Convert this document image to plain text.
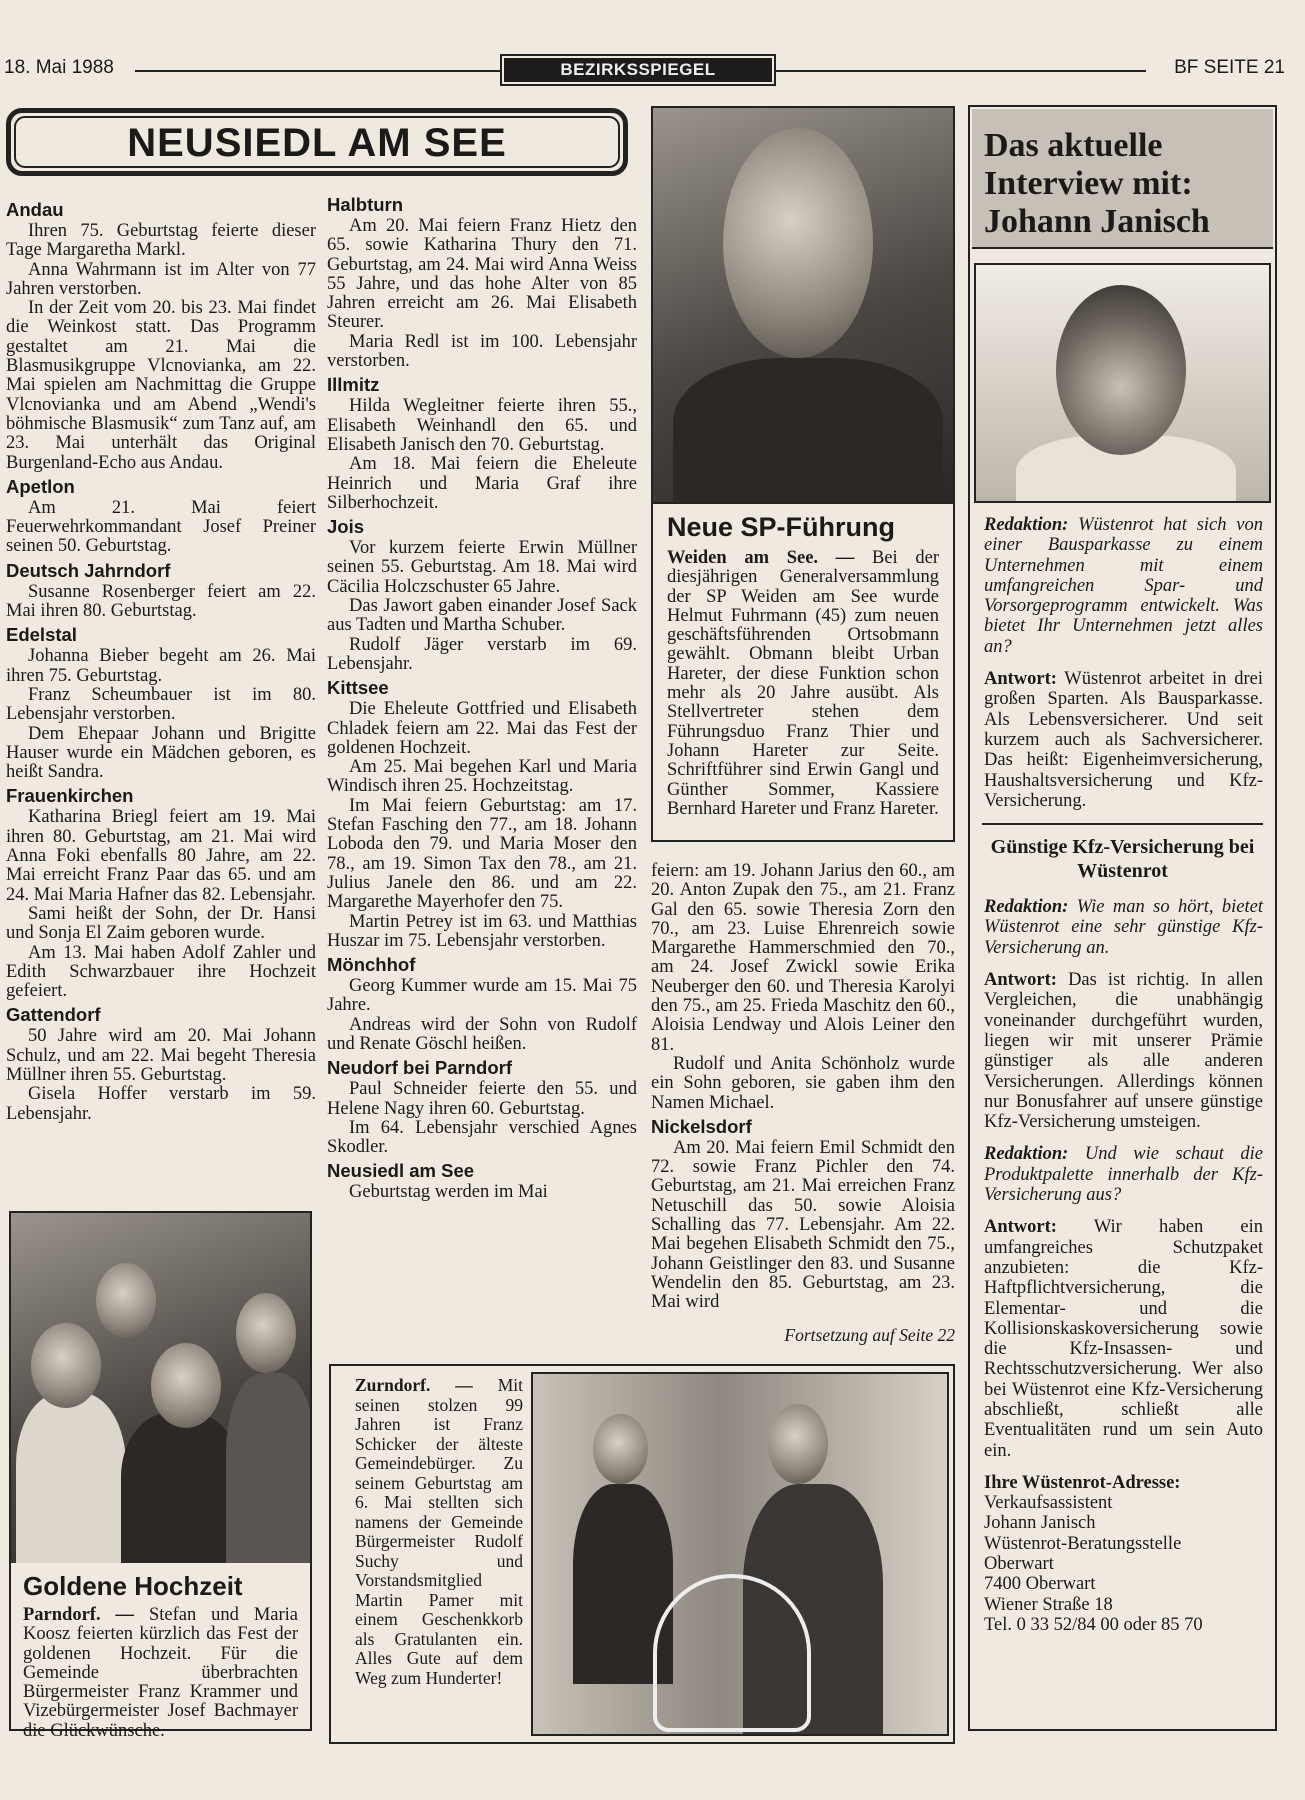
18. Mai 1988	BEZIRKSSPIEGEL	BF SEITE 21
NEUSIEDL AM SEE
Andau

Ihren 75. Geburtstag feierte dieser Tage Margaretha Markl.

Anna Wahrmann ist im Alter von 77 Jahren verstorben.

In der Zeit vom 20. bis 23. Mai findet die Weinkost statt. Das Programm gestaltet am 21. Mai die Blasmusikgruppe Vlcnovianka, am 22. Mai spielen am Nachmittag die Gruppe Vlcnovianka und am Abend „Wendi's böhmische Blasmusik“ zum Tanz auf, am 23. Mai unterhält das Original Burgenland-Echo aus Andau.

Apetlon

Am 21. Mai feiert Feuerwehrkommandant Josef Preiner seinen 50. Geburtstag.

Deutsch Jahrndorf

Susanne Rosenberger feiert am 22. Mai ihren 80. Geburtstag.

Edelstal

Johanna Bieber begeht am 26. Mai ihren 75. Geburtstag.

Franz Scheumbauer ist im 80. Lebensjahr verstorben.

Dem Ehepaar Johann und Brigitte Hauser wurde ein Mädchen geboren, es heißt Sandra.

Frauenkirchen

Katharina Briegl feiert am 19. Mai ihren 80. Geburtstag, am 21. Mai wird Anna Foki ebenfalls 80 Jahre, am 22. Mai erreicht Franz Paar das 65. und am 24. Mai Maria Hafner das 82. Lebensjahr.

Sami heißt der Sohn, der Dr. Hansi und Sonja El Zaim geboren wurde.

Am 13. Mai haben Adolf Zahler und Edith Schwarzbauer ihre Hochzeit gefeiert.

Gattendorf

50 Jahre wird am 20. Mai Johann Schulz, und am 22. Mai begeht Theresia Müllner ihren 55. Geburtstag.

Gisela Hoffer verstarb im 59. Lebensjahr.

Halbturn

Am 20. Mai feiern Franz Hietz den 65. sowie Katharina Thury den 71. Geburtstag, am 24. Mai wird Anna Weiss 55 Jahre, und das hohe Alter von 85 Jahren erreicht am 26. Mai Elisabeth Steurer.

Maria Redl ist im 100. Lebensjahr verstorben.

Illmitz

Hilda Wegleitner feierte ihren 55., Elisabeth Weinhandl den 65. und Elisabeth Janisch den 70. Geburtstag.

Am 18. Mai feiern die Eheleute Heinrich und Maria Graf ihre Silberhochzeit.

Jois

Vor kurzem feierte Erwin Müllner seinen 55. Geburtstag. Am 18. Mai wird Cäcilia Holczschuster 65 Jahre.

Das Jawort gaben einander Josef Sack aus Tadten und Martha Schuber.

Rudolf Jäger verstarb im 69. Lebensjahr.

Kittsee

Die Eheleute Gottfried und Elisabeth Chladek feiern am 22. Mai das Fest der goldenen Hochzeit.

Am 25. Mai begehen Karl und Maria Windisch ihren 25. Hochzeitstag.

Im Mai feiern Geburtstag: am 17. Stefan Fasching den 77., am 18. Johann Loboda den 79. und Maria Moser den 78., am 19. Simon Tax den 78., am 21. Julius Janele den 86. und am 22. Margarethe Mayerhofer den 75.

Martin Petrey ist im 63. und Matthias Huszar im 75. Lebensjahr verstorben.

Mönchhof

Georg Kummer wurde am 15. Mai 75 Jahre.

Andreas wird der Sohn von Rudolf und Renate Göschl heißen.

Neudorf bei Parndorf

Paul Schneider feierte den 55. und Helene Nagy ihren 60. Geburtstag.

Im 64. Lebensjahr verschied Agnes Skodler.

Neusiedl am See

Geburtstag werden im Mai

feiern: am 19. Johann Jarius den 60., am 20. Anton Zupak den 75., am 21. Franz Gal den 65. sowie Theresia Zorn den 70., am 23. Luise Ehrenreich sowie Margarethe Hammerschmied den 70., am 24. Josef Zwickl sowie Erika Neuberger den 60. und Theresia Karolyi den 75., am 25. Frieda Maschitz den 60., Aloisia Lendway und Alois Leiner den 81.

Rudolf und Anita Schönholz wurde ein Sohn geboren, sie gaben ihm den Namen Michael.

Nickelsdorf

Am 20. Mai feiern Emil Schmidt den 72. sowie Franz Pichler den 74. Geburtstag, am 21. Mai erreichen Franz Netuschill das 50. sowie Aloisia Schalling das 77. Lebensjahr. Am 22. Mai begehen Elisabeth Schmidt den 75., Johann Geistlinger den 83. und Susanne Wendelin den 85. Geburtstag, am 23. Mai wird

Fortsetzung auf Seite 22
Neue SP-Führung
Weiden am See. — Bei der diesjährigen Generalversammlung der SP Weiden am See wurde Helmut Fuhrmann (45) zum neuen geschäftsführenden Ortsobmann gewählt. Obmann bleibt Urban Hareter, der diese Funktion schon mehr als 20 Jahre ausübt. Als Stellvertreter stehen dem Führungsduo Franz Thier und Johann Hareter zur Seite. Schriftführer sind Erwin Gangl und Günther Sommer, Kassiere Bernhard Hareter und Franz Hareter.
Goldene Hochzeit
Parndorf. — Stefan und Maria Koosz feierten kürzlich das Fest der goldenen Hochzeit. Für die Gemeinde überbrachten Bürgermeister Franz Krammer und Vizebürgermeister Josef Bachmayer die Glückwünsche.
Zurndorf. — Mit seinen stolzen 99 Jahren ist Franz Schicker der älteste Gemeindebürger. Zu seinem Geburtstag am 6. Mai stellten sich namens der Gemeinde Bürgermeister Rudolf Suchy und Vorstandsmitglied Martin Pamer mit einem Geschenkkorb als Gratulanten ein. Alles Gute auf dem Weg zum Hunderter!
Das aktuelle Interview mit: Johann Janisch

Redaktion: Wüstenrot hat sich von einer Bausparkasse zu einem Unternehmen mit einem umfangreichen Spar- und Vorsorgeprogramm entwickelt. Was bietet Ihr Unternehmen jetzt alles an?

Antwort: Wüstenrot arbeitet in drei großen Sparten. Als Bausparkasse. Als Lebensversicherer. Und seit kurzem auch als Sachversicherer. Das heißt: Eigenheimversicherung, Haushaltsversicherung und Kfz-Versicherung.

Günstige Kfz-Versicherung bei Wüstenrot

Redaktion: Wie man so hört, bietet Wüstenrot eine sehr günstige Kfz-Versicherung an.

Antwort: Das ist richtig. In allen Vergleichen, die unabhängig voneinander durchgeführt wurden, liegen wir mit unserer Prämie günstiger als alle anderen Versicherungen. Allerdings können nur Bonusfahrer auf unsere günstige Kfz-Versicherung umsteigen.

Redaktion: Und wie schaut die Produktpalette innerhalb der Kfz-Versicherung aus?

Antwort: Wir haben ein umfangreiches Schutzpaket anzubieten: die Kfz-Haftpflichtversicherung, die Elementar- und die Kollisionskaskoversicherung sowie die Kfz-Insassen- und Rechtsschutzversicherung. Wer also bei Wüstenrot eine Kfz-Versicherung abschließt, schließt alle Eventualitäten rund um sein Auto ein.

Ihre Wüstenrot-Adresse:
Verkaufsassistent
Johann Janisch
Wüstenrot-Beratungsstelle
Oberwart
7400 Oberwart
Wiener Straße 18
Tel. 0 33 52/84 00 oder 85 70
